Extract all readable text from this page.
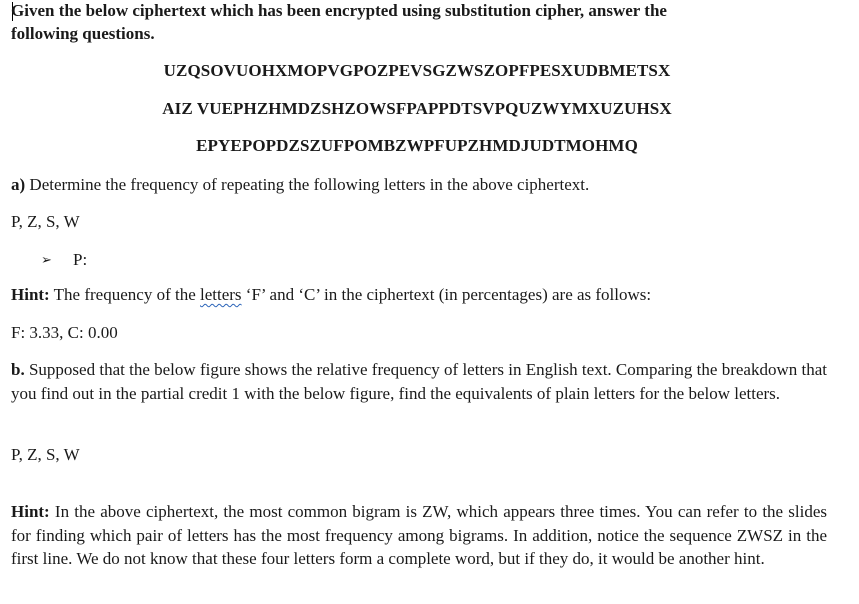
Given the below ciphertext which has been encrypted using substitution cipher, answer the
following questions.
UZQSOVUOHXMOPVGPOZPEVSGZWSZOPFPESXUDBMETSX
AIZ VUEPHZHMDZSHZOWSFPAPPDTSVPQUZWYMXUZUHSX
EPYEPOPDZSZUFPOMBZWPFUPZHMDJUDTMOHMQ
a) Determine the frequency of repeating the following letters in the above ciphertext.
P, Z, S, W
➢ P:
Hint: The frequency of the letters ‘F’ and ‘C’ in the ciphertext (in percentages) are as follows:
F: 3.33, C: 0.00
b. Supposed that the below figure shows the relative frequency of letters in English text. Comparing the breakdown that you find out in the partial credit 1 with the below figure, find the equivalents of plain letters for the below letters.
P, Z, S, W
Hint: In the above ciphertext, the most common bigram is ZW, which appears three times. You can refer to the slides for finding which pair of letters has the most frequency among bigrams. In addition, notice the sequence ZWSZ in the first line. We do not know that these four letters form a complete word, but if they do, it would be another hint.
